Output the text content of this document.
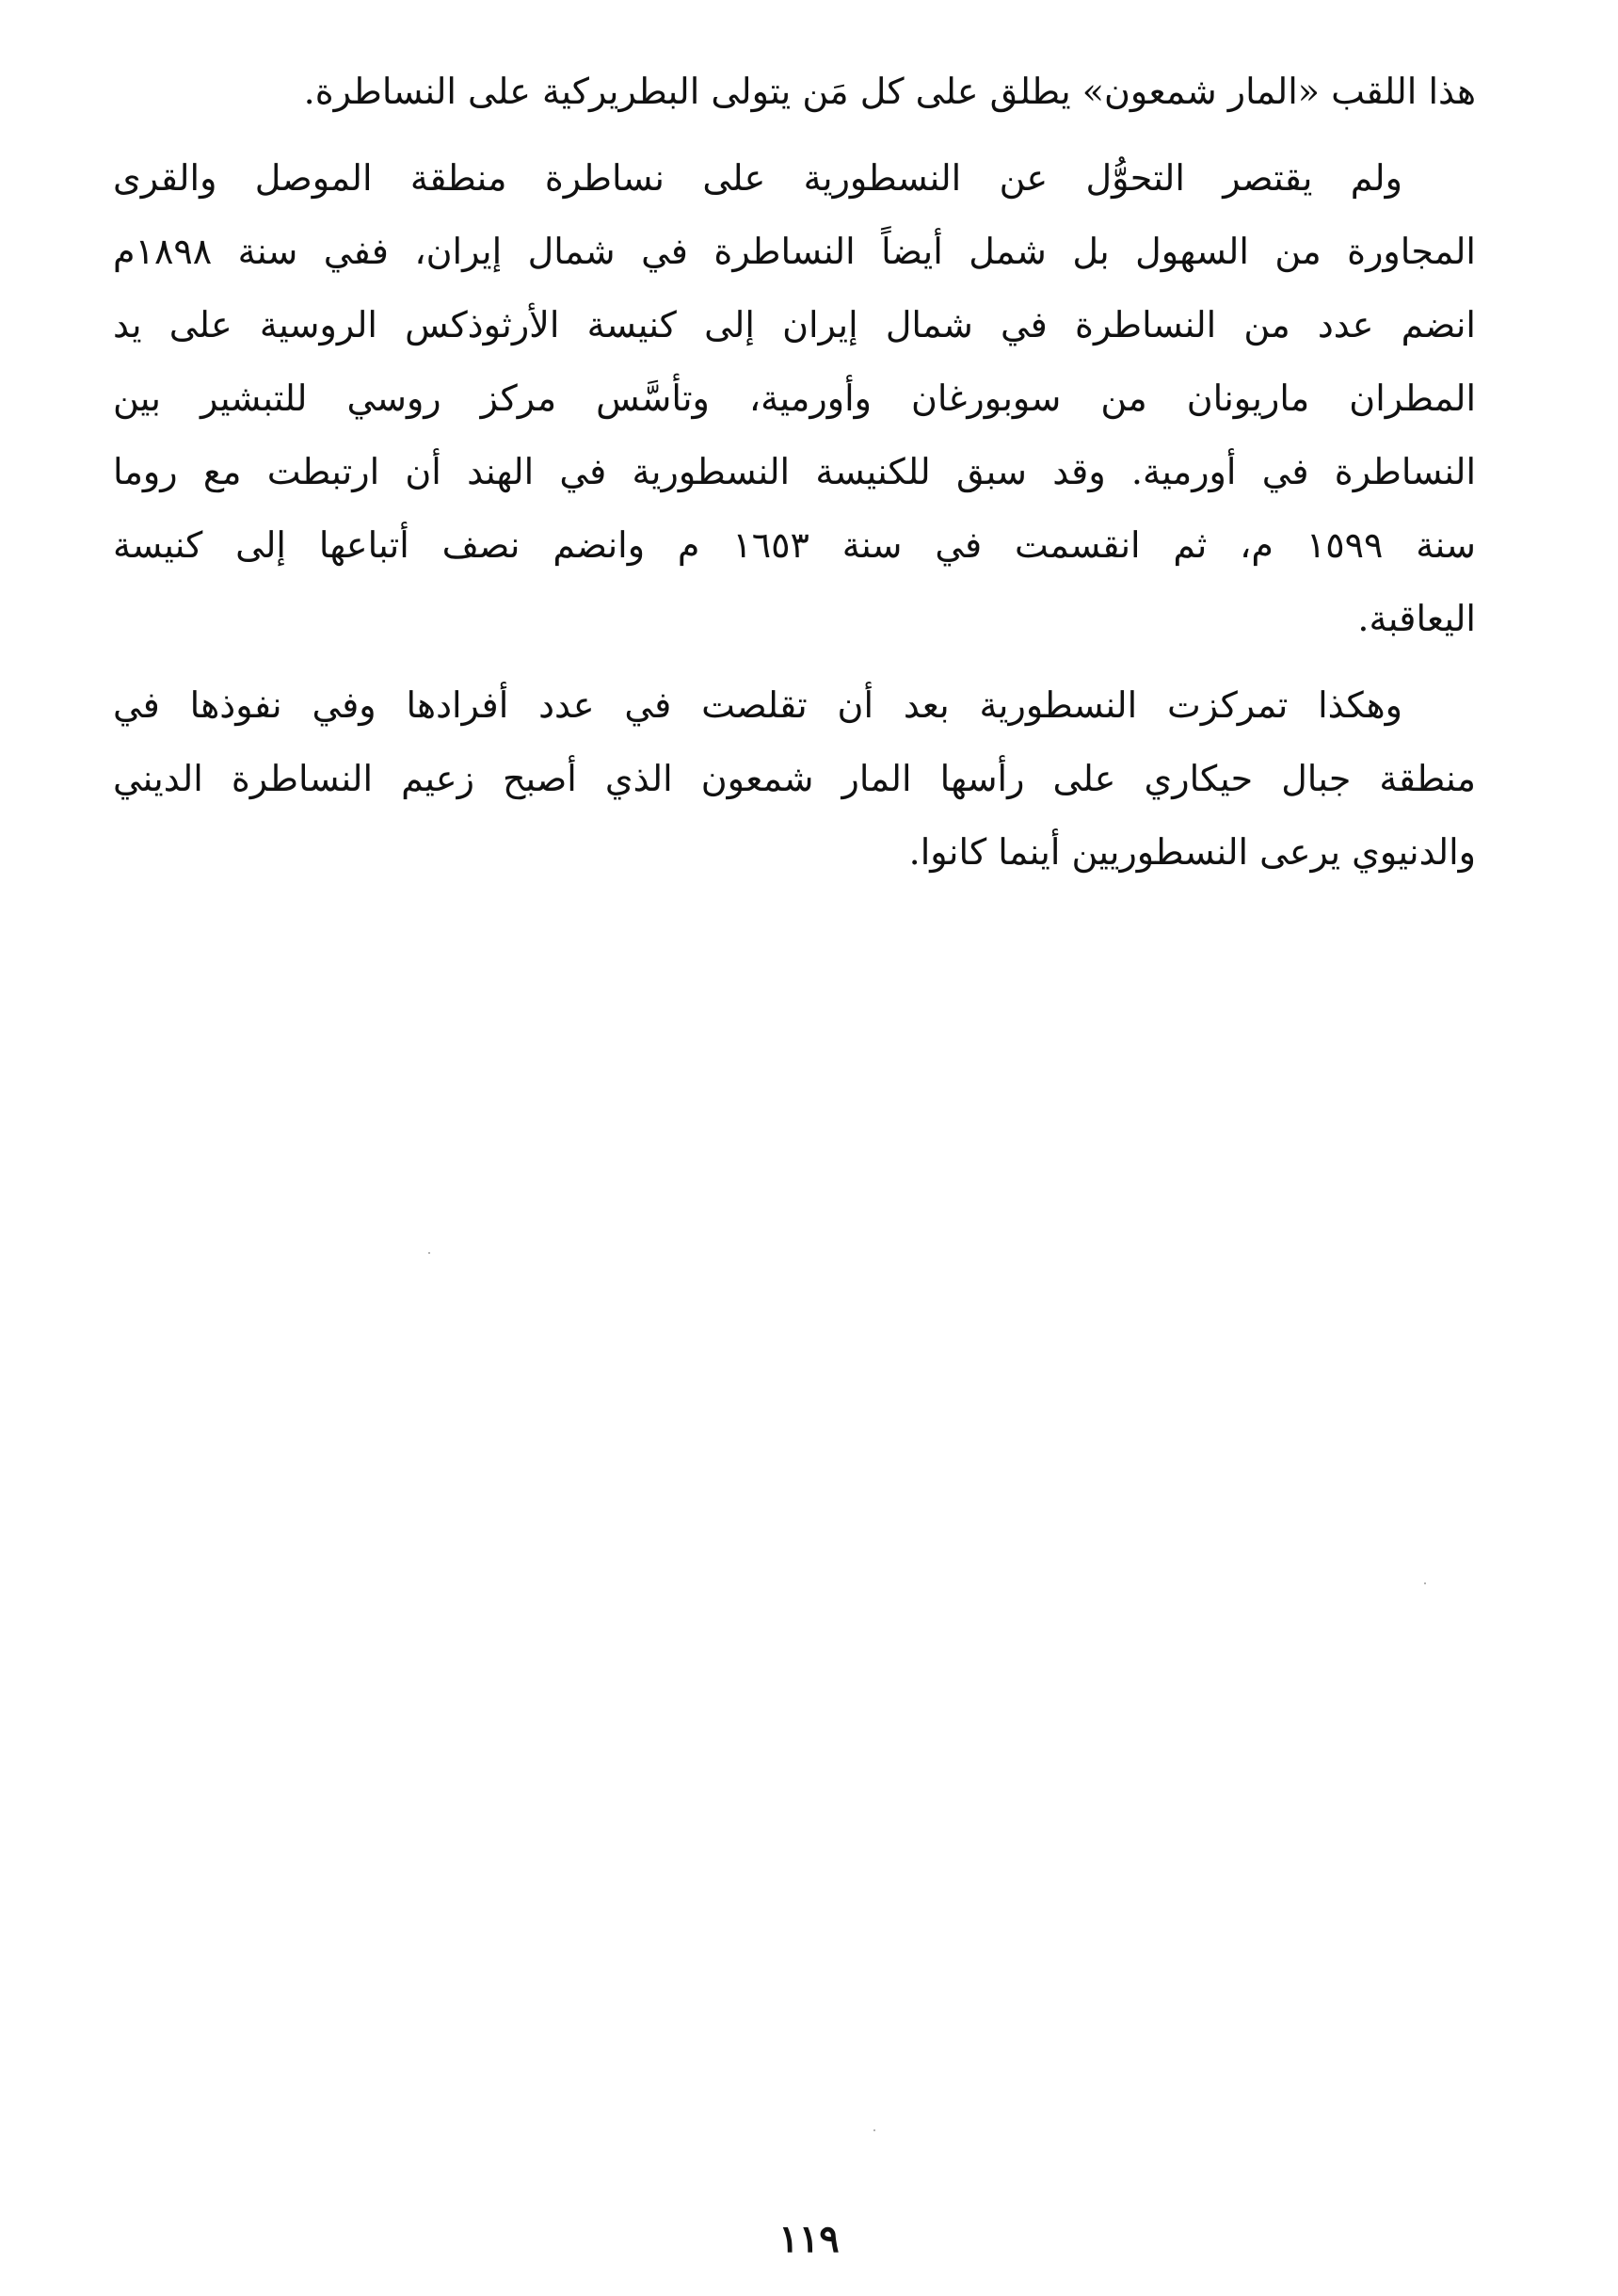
هذا اللقب «المار شمعون» يطلق على كل مَن يتولى البطريركية على النساطرة.
ولم يقتصر التحوُّل عن النسطورية على نساطرة منطقة الموصل والقرى
المجاورة من السهول بل شمل أيضاً النساطرة في شمال إيران، ففي سنة ١٨٩٨م
انضم عدد من النساطرة في شمال إيران إلى كنيسة الأرثوذكس الروسية على يد
المطران ماريونان من سوبورغان وأورمية، وتأسَّس مركز روسي للتبشير بين
النساطرة في أورمية. وقد سبق للكنيسة النسطورية في الهند أن ارتبطت مع روما
سنة ١٥٩٩ م، ثم انقسمت في سنة ١٦٥٣ م وانضم نصف أتباعها إلى كنيسة
اليعاقبة.
وهكذا تمركزت النسطورية بعد أن تقلصت في عدد أفرادها وفي نفوذها في
منطقة جبال حيكاري على رأسها المار شمعون الذي أصبح زعيم النساطرة الديني
والدنيوي يرعى النسطوريين أينما كانوا.
١١٩
